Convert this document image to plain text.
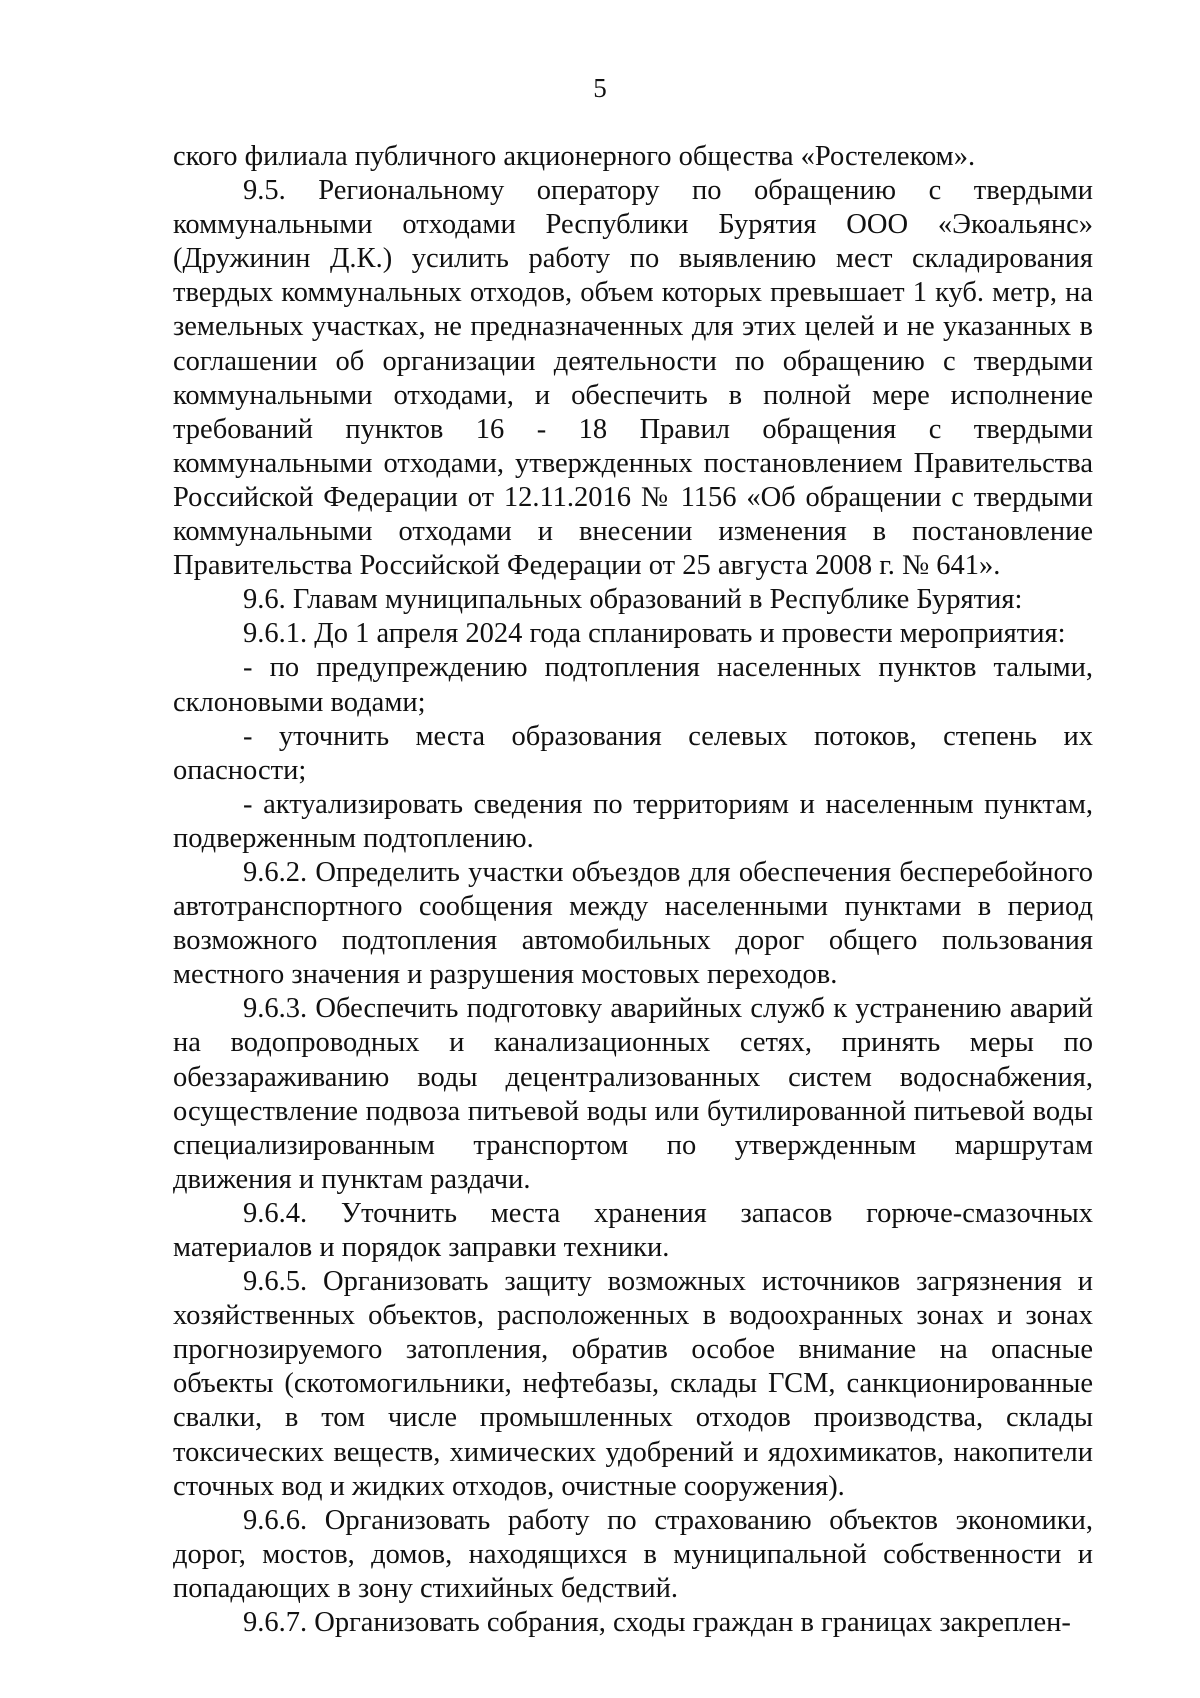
5

ского филиала публичного акционерного общества «Ростелеком».

9.5. Региональному оператору по обращению с твердыми коммунальными отходами Республики Бурятия ООО «Экоальянс» (Дружинин Д.К.) усилить работу по выявлению мест складирования твердых коммунальных отходов, объем которых превышает 1 куб. метр, на земельных участках, не предназначенных для этих целей и не указанных в соглашении об организации деятельности по обращению с твердыми коммунальными отходами, и обеспечить в полной мере исполнение требований пунктов 16 - 18 Правил обращения с твердыми коммунальными отходами, утвержденных постановлением Правительства Российской Федерации от 12.11.2016 № 1156 «Об обращении с твердыми коммунальными отходами и внесении изменения в постановление Правительства Российской Федерации от 25 августа 2008 г. № 641».

9.6. Главам муниципальных образований в Республике Бурятия:

9.6.1. До 1 апреля 2024 года спланировать и провести мероприятия:

- по предупреждению подтопления населенных пунктов талыми, склоновыми водами;

- уточнить места образования селевых потоков, степень их опасности;

- актуализировать сведения по территориям и населенным пунктам, подверженным подтоплению.

9.6.2. Определить участки объездов для обеспечения бесперебойного автотранспортного сообщения между населенными пунктами в период возможного подтопления автомобильных дорог общего пользования местного значения и разрушения мостовых переходов.

9.6.3. Обеспечить подготовку аварийных служб к устранению аварий на водопроводных и канализационных сетях, принять меры по обеззараживанию воды децентрализованных систем водоснабжения, осуществление подвоза питьевой воды или бутилированной питьевой воды специализированным транспортом по утвержденным маршрутам движения и пунктам раздачи.

9.6.4. Уточнить места хранения запасов горюче-смазочных материалов и порядок заправки техники.

9.6.5. Организовать защиту возможных источников загрязнения и хозяйственных объектов, расположенных в водоохранных зонах и зонах прогнозируемого затопления, обратив особое внимание на опасные объекты (скотомогильники, нефтебазы, склады ГСМ, санкционированные свалки, в том числе промышленных отходов производства, склады токсических веществ, химических удобрений и ядохимикатов, накопители сточных вод и жидких отходов, очистные сооружения).

9.6.6. Организовать работу по страхованию объектов экономики, дорог, мостов, домов, находящихся в муниципальной собственности и попадающих в зону стихийных бедствий.

9.6.7. Организовать собрания, сходы граждан в границах закреплен-
